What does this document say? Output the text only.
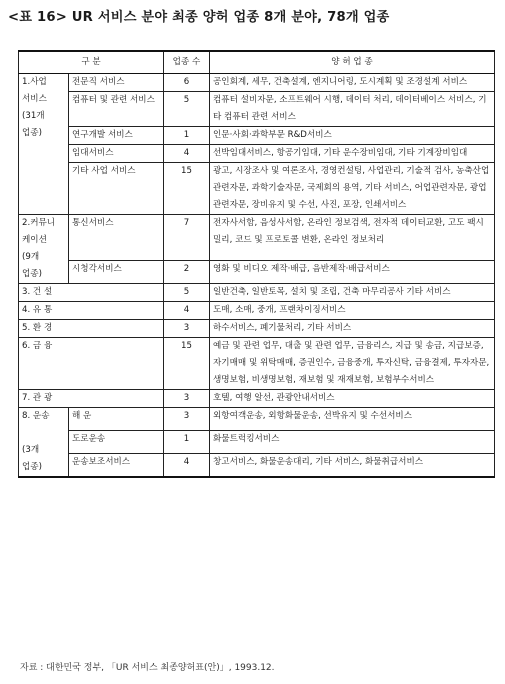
<표 16> UR 서비스 분야 최종 양허 업종 8개 분야, 78개 업종
구 분		업종 수	양 허 업 종

1.사업
서비스
(31개
업종)	전문직 서비스	6	공인회계, 세무, 건축설계, 엔지니어링, 도시계획 및 조경설계 서비스
	컴퓨터 및 관련 서비스	5	컴퓨터 설비자문, 소프트웨어 시행, 데이터 처리, 데이터베이스 서비스, 기타 컴퓨터 관련 서비스
	연구개발 서비스	1	인문·사회·과학부문 R&D서비스
	임대서비스	4	선박임대서비스, 항공기임대, 기타 운수장비임대, 기타 기계장비임대
	기타 사업 서비스	15	광고, 시장조사 및 여론조사, 경영컨설팅, 사업관리, 기술적 검사, 농축산업관련자문, 과학기술자문, 국제회의 용역, 기타 서비스, 어업관련자문, 광업관련자문, 장비유지 및 수선, 사진, 포장, 인쇄서비스

2.커뮤니
케이션
(9개
업종)	통신서비스	7	전자사서함, 음성사서함, 온라인 정보검색, 전자적 데이터교환, 고도 팩시밀리, 코드 및 프로토콜 변환, 온라인 정보처리
	시청각서비스	2	영화 및 비디오 제작·배급, 음반제작·배급서비스

3. 건 설		5	일반건축, 일반토목, 설치 및 조립, 건축 마무리공사 기타 서비스

4. 유 통		4	도매, 소매, 중개, 프랜차이징서비스

5. 환 경		3	하수서비스, 폐기물처리, 기타 서비스

6. 금 융		15	예금 및 관련 업무, 대출 및 관련 업무, 금융리스, 지급 및 송금, 지급보증, 자기매매 및 위탁매매, 증권인수, 금융중개, 투자신탁, 금융결제, 투자자문, 생명보험, 비생명보험, 재보험 및 재재보험, 보험부수서비스

7. 관 광		3	호텔, 여행 알선, 관광안내서비스

8. 운송

(3개
업종)	해 운	3	외항여객운송, 외항화물운송, 선박유지 및 수선서비스
	도로운송	1	화물트럭킹서비스
	운송보조서비스	4	창고서비스, 화물운송대리, 기타 서비스, 화물취급서비스
자료 : 대한민국 정부, 「UR 서비스 최종양허표(안)」, 1993.12.
